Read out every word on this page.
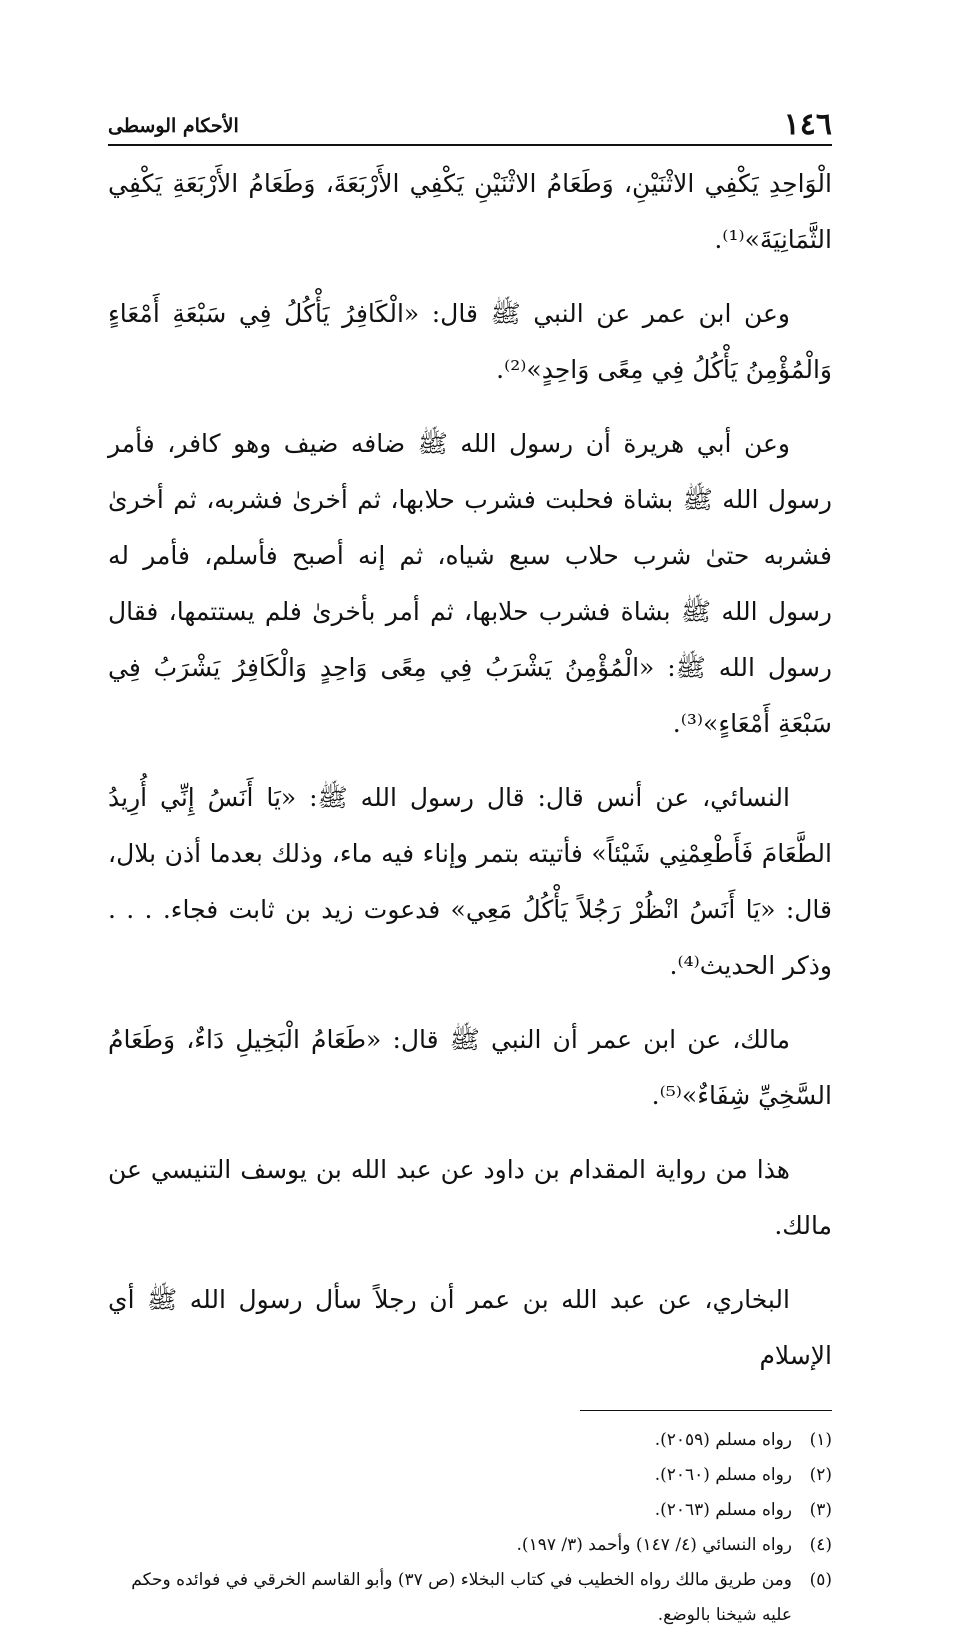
١٤٦
الأحكام الوسطى

الْوَاحِدِ يَكْفِي الاثْنَيْنِ، وَطَعَامُ الاثْنَيْنِ يَكْفِي الأَرْبَعَةَ، وَطَعَامُ الأَرْبَعَةِ يَكْفِي الثَّمَانِيَةَ»⁽¹⁾.

وعن ابن عمر عن النبي ﷺ قال: «الْكَافِرُ يَأْكُلُ فِي سَبْعَةِ أَمْعَاءٍ وَالْمُؤْمِنُ يَأْكُلُ فِي مِعًى وَاحِدٍ»⁽²⁾.

وعن أبي هريرة أن رسول الله ﷺ ضافه ضيف وهو كافر، فأمر رسول الله ﷺ بشاة فحلبت فشرب حلابها، ثم أخرىٰ فشربه، ثم أخرىٰ فشربه حتىٰ شرب حلاب سبع شياه، ثم إنه أصبح فأسلم، فأمر له رسول الله ﷺ بشاة فشرب حلابها، ثم أمر بأخرىٰ فلم يستتمها، فقال رسول الله ﷺ: «الْمُؤْمِنُ يَشْرَبُ فِي مِعًى وَاحِدٍ وَالْكَافِرُ يَشْرَبُ فِي سَبْعَةِ أَمْعَاءٍ»⁽³⁾.

النسائي، عن أنس قال: قال رسول الله ﷺ: «يَا أَنَسُ إِنِّي أُرِيدُ الطَّعَامَ فَأَطْعِمْنِي شَيْئاً» فأتيته بتمر وإناء فيه ماء، وذلك بعدما أذن بلال، قال: «يَا أَنَسُ انْظُرْ رَجُلاً يَأْكُلُ مَعِي» فدعوت زيد بن ثابت فجاء. . . . وذكر الحديث⁽⁴⁾.

مالك، عن ابن عمر أن النبي ﷺ قال: «طَعَامُ الْبَخِيلِ دَاءٌ، وَطَعَامُ السَّخِيِّ شِفَاءٌ»⁽⁵⁾.

هذا من رواية المقدام بن داود عن عبد الله بن يوسف التنيسي عن مالك.

البخاري، عن عبد الله بن عمر أن رجلاً سأل رسول الله ﷺ أي الإسلام

(١)
رواه مسلم (٢٠٥٩).
(٢)
رواه مسلم (٢٠٦٠).
(٣)
رواه مسلم (٢٠٦٣).
(٤)
رواه النسائي (٤/ ١٤٧) وأحمد (٣/ ١٩٧).
(٥)
ومن طريق مالك رواه الخطيب في كتاب البخلاء (ص ٣٧) وأبو القاسم الخرقي في فوائده وحكم عليه شيخنا بالوضع.
